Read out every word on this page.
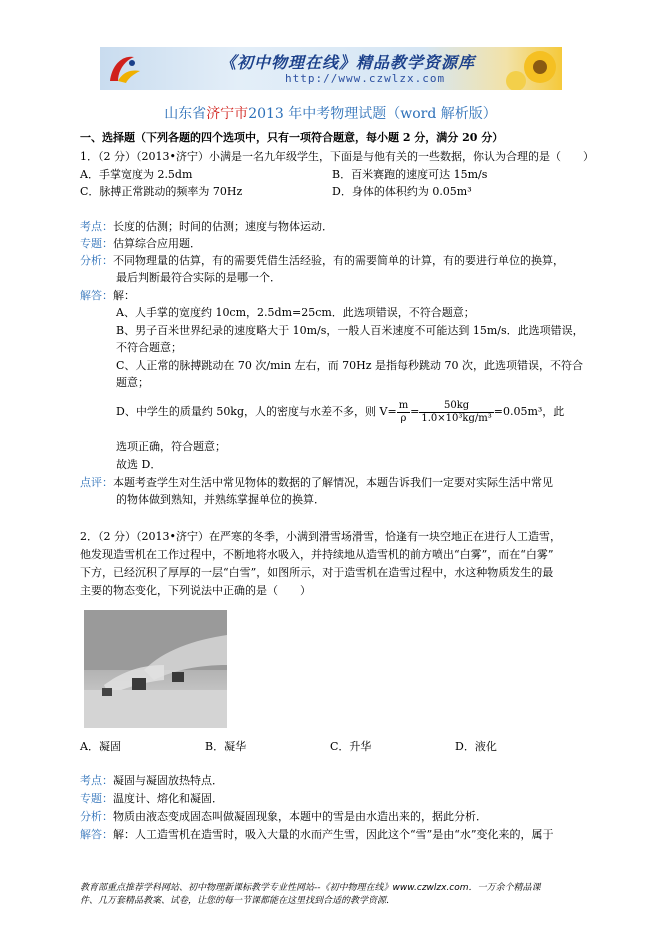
《初中物理在线》精品教学资源库
http://www.czwlzx.com
山东省济宁市2013 年中考物理试题（word 解析版）
一、选择题（下列各题的四个选项中，只有一项符合题意，每小题 2 分，满分 20 分）
1．（2 分）（2013•济宁）小满是一名九年级学生，下面是与他有关的一些数据，你认为合理的是（　　）
A．手掌宽度为 2.5dm	B．百米赛跑的速度可达 15m/s
C．脉搏正常跳动的频率为 70Hz	D．身体的体积约为 0.05m³
考点：长度的估测；时间的估测；速度与物体运动．
专题：估算综合应用题．
分析：不同物理量的估算，有的需要凭借生活经验，有的需要简单的计算，有的要进行单位的换算，
最后判断最符合实际的是哪一个．
解答：解：
A、人手掌的宽度约 10cm，2.5dm=25cm．此选项错误，不符合题意；
B、男子百米世界纪录的速度略大于 10m/s，一般人百米速度不可能达到 15m/s．此选项错误，
不符合题意；
C、人正常的脉搏跳动在 70 次/min 左右，而 70Hz 是指每秒跳动 70 次，此选项错误，不符合
题意；
D、中学生的质量约 50kg，人的密度与水差不多，则 $V= \frac{m}{\rho} = \frac{50kg}{\text{1.0×10³kg/m³}} =0.05m^3$，此
选项正确，符合题意；
故选 D．
点评：本题考查学生对生活中常见物体的数据的了解情况，本题告诉我们一定要对实际生活中常见
的物体做到熟知，并熟练掌握单位的换算．
2．（2 分）（2013•济宁）在严寒的冬季，小满到滑雪场滑雪，恰逢有一块空地正在进行人工造雪，
他发现造雪机在工作过程中，不断地将水吸入，并持续地从造雪机的前方喷出“白雾”，而在“白雾”
下方，已经沉积了厚厚的一层“白雪”，如图所示，对于造雪机在造雪过程中，水这种物质发生的最
主要的物态变化，下列说法中正确的是（　　）
A．凝固	B．凝华	C．升华	D．液化
考点：凝固与凝固放热特点．
专题：温度计、熔化和凝固．
分析：物质由液态变成固态叫做凝固现象，本题中的雪是由水造出来的，据此分析．
解答：解：人工造雪机在造雪时，吸入大量的水而产生雪，因此这个“雪”是由“水”变化来的，属于
教育部重点推荐学科网站、初中物理新课标教学专业性网站--《初中物理在线》www.czwlzx.com．一万余个精品课
件、几万套精品教案、试卷，让您的每一节课都能在这里找到合适的教学资源．
